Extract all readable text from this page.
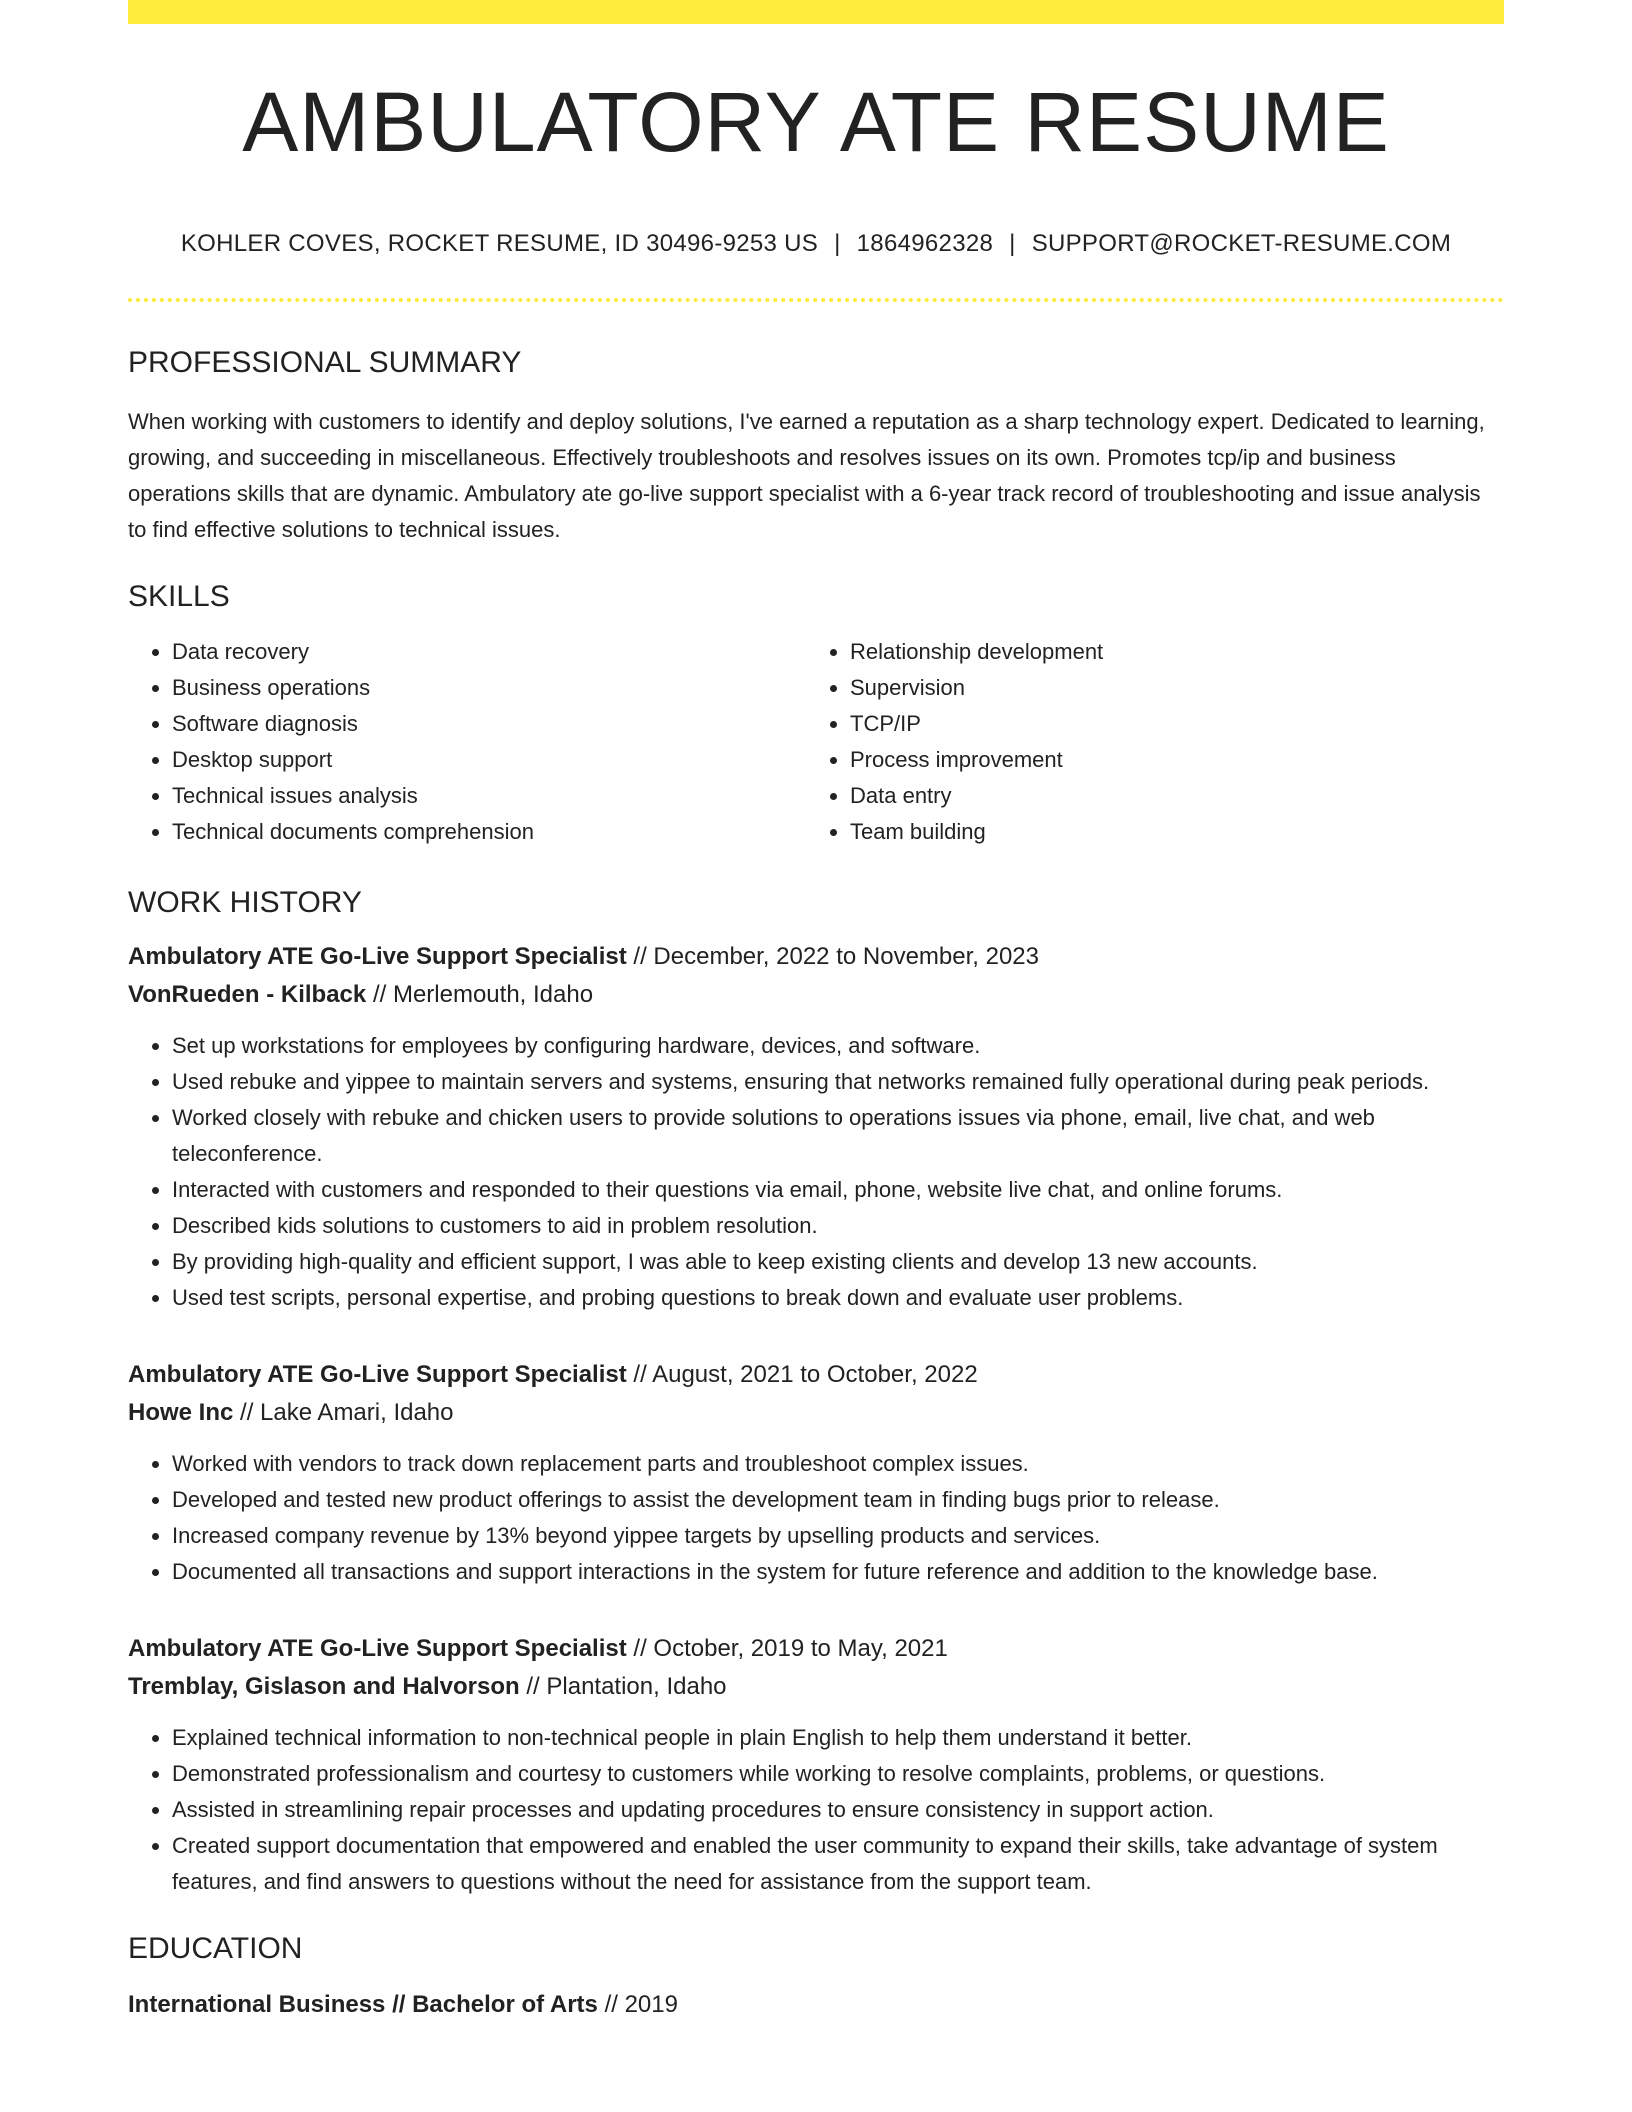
AMBULATORY ATE RESUME
KOHLER COVES, ROCKET RESUME, ID 30496-9253 US | 1864962328 | SUPPORT@ROCKET-RESUME.COM
PROFESSIONAL SUMMARY

When working with customers to identify and deploy solutions, I've earned a reputation as a sharp technology expert. Dedicated to learning, growing, and succeeding in miscellaneous. Effectively troubleshoots and resolves issues on its own. Promotes tcp/ip and business operations skills that are dynamic. Ambulatory ate go-live support specialist with a 6-year track record of troubleshooting and issue analysis to find effective solutions to technical issues.

SKILLS
• Data recovery
• Business operations
• Software diagnosis
• Desktop support
• Technical issues analysis
• Technical documents comprehension
• Relationship development
• Supervision
• TCP/IP
• Process improvement
• Data entry
• Team building
WORK HISTORY
Ambulatory ATE Go-Live Support Specialist // December, 2022 to November, 2023
VonRueden - Kilback // Merlemouth, Idaho
• Set up workstations for employees by configuring hardware, devices, and software.
• Used rebuke and yippee to maintain servers and systems, ensuring that networks remained fully operational during peak periods.
• Worked closely with rebuke and chicken users to provide solutions to operations issues via phone, email, live chat, and web teleconference.
• Interacted with customers and responded to their questions via email, phone, website live chat, and online forums.
• Described kids solutions to customers to aid in problem resolution.
• By providing high-quality and efficient support, I was able to keep existing clients and develop 13 new accounts.
• Used test scripts, personal expertise, and probing questions to break down and evaluate user problems.
Ambulatory ATE Go-Live Support Specialist // August, 2021 to October, 2022
Howe Inc // Lake Amari, Idaho
• Worked with vendors to track down replacement parts and troubleshoot complex issues.
• Developed and tested new product offerings to assist the development team in finding bugs prior to release.
• Increased company revenue by 13% beyond yippee targets by upselling products and services.
• Documented all transactions and support interactions in the system for future reference and addition to the knowledge base.
Ambulatory ATE Go-Live Support Specialist // October, 2019 to May, 2021
Tremblay, Gislason and Halvorson // Plantation, Idaho
• Explained technical information to non-technical people in plain English to help them understand it better.
• Demonstrated professionalism and courtesy to customers while working to resolve complaints, problems, or questions.
• Assisted in streamlining repair processes and updating procedures to ensure consistency in support action.
• Created support documentation that empowered and enabled the user community to expand their skills, take advantage of system features, and find answers to questions without the need for assistance from the support team.
EDUCATION
International Business // Bachelor of Arts // 2019
